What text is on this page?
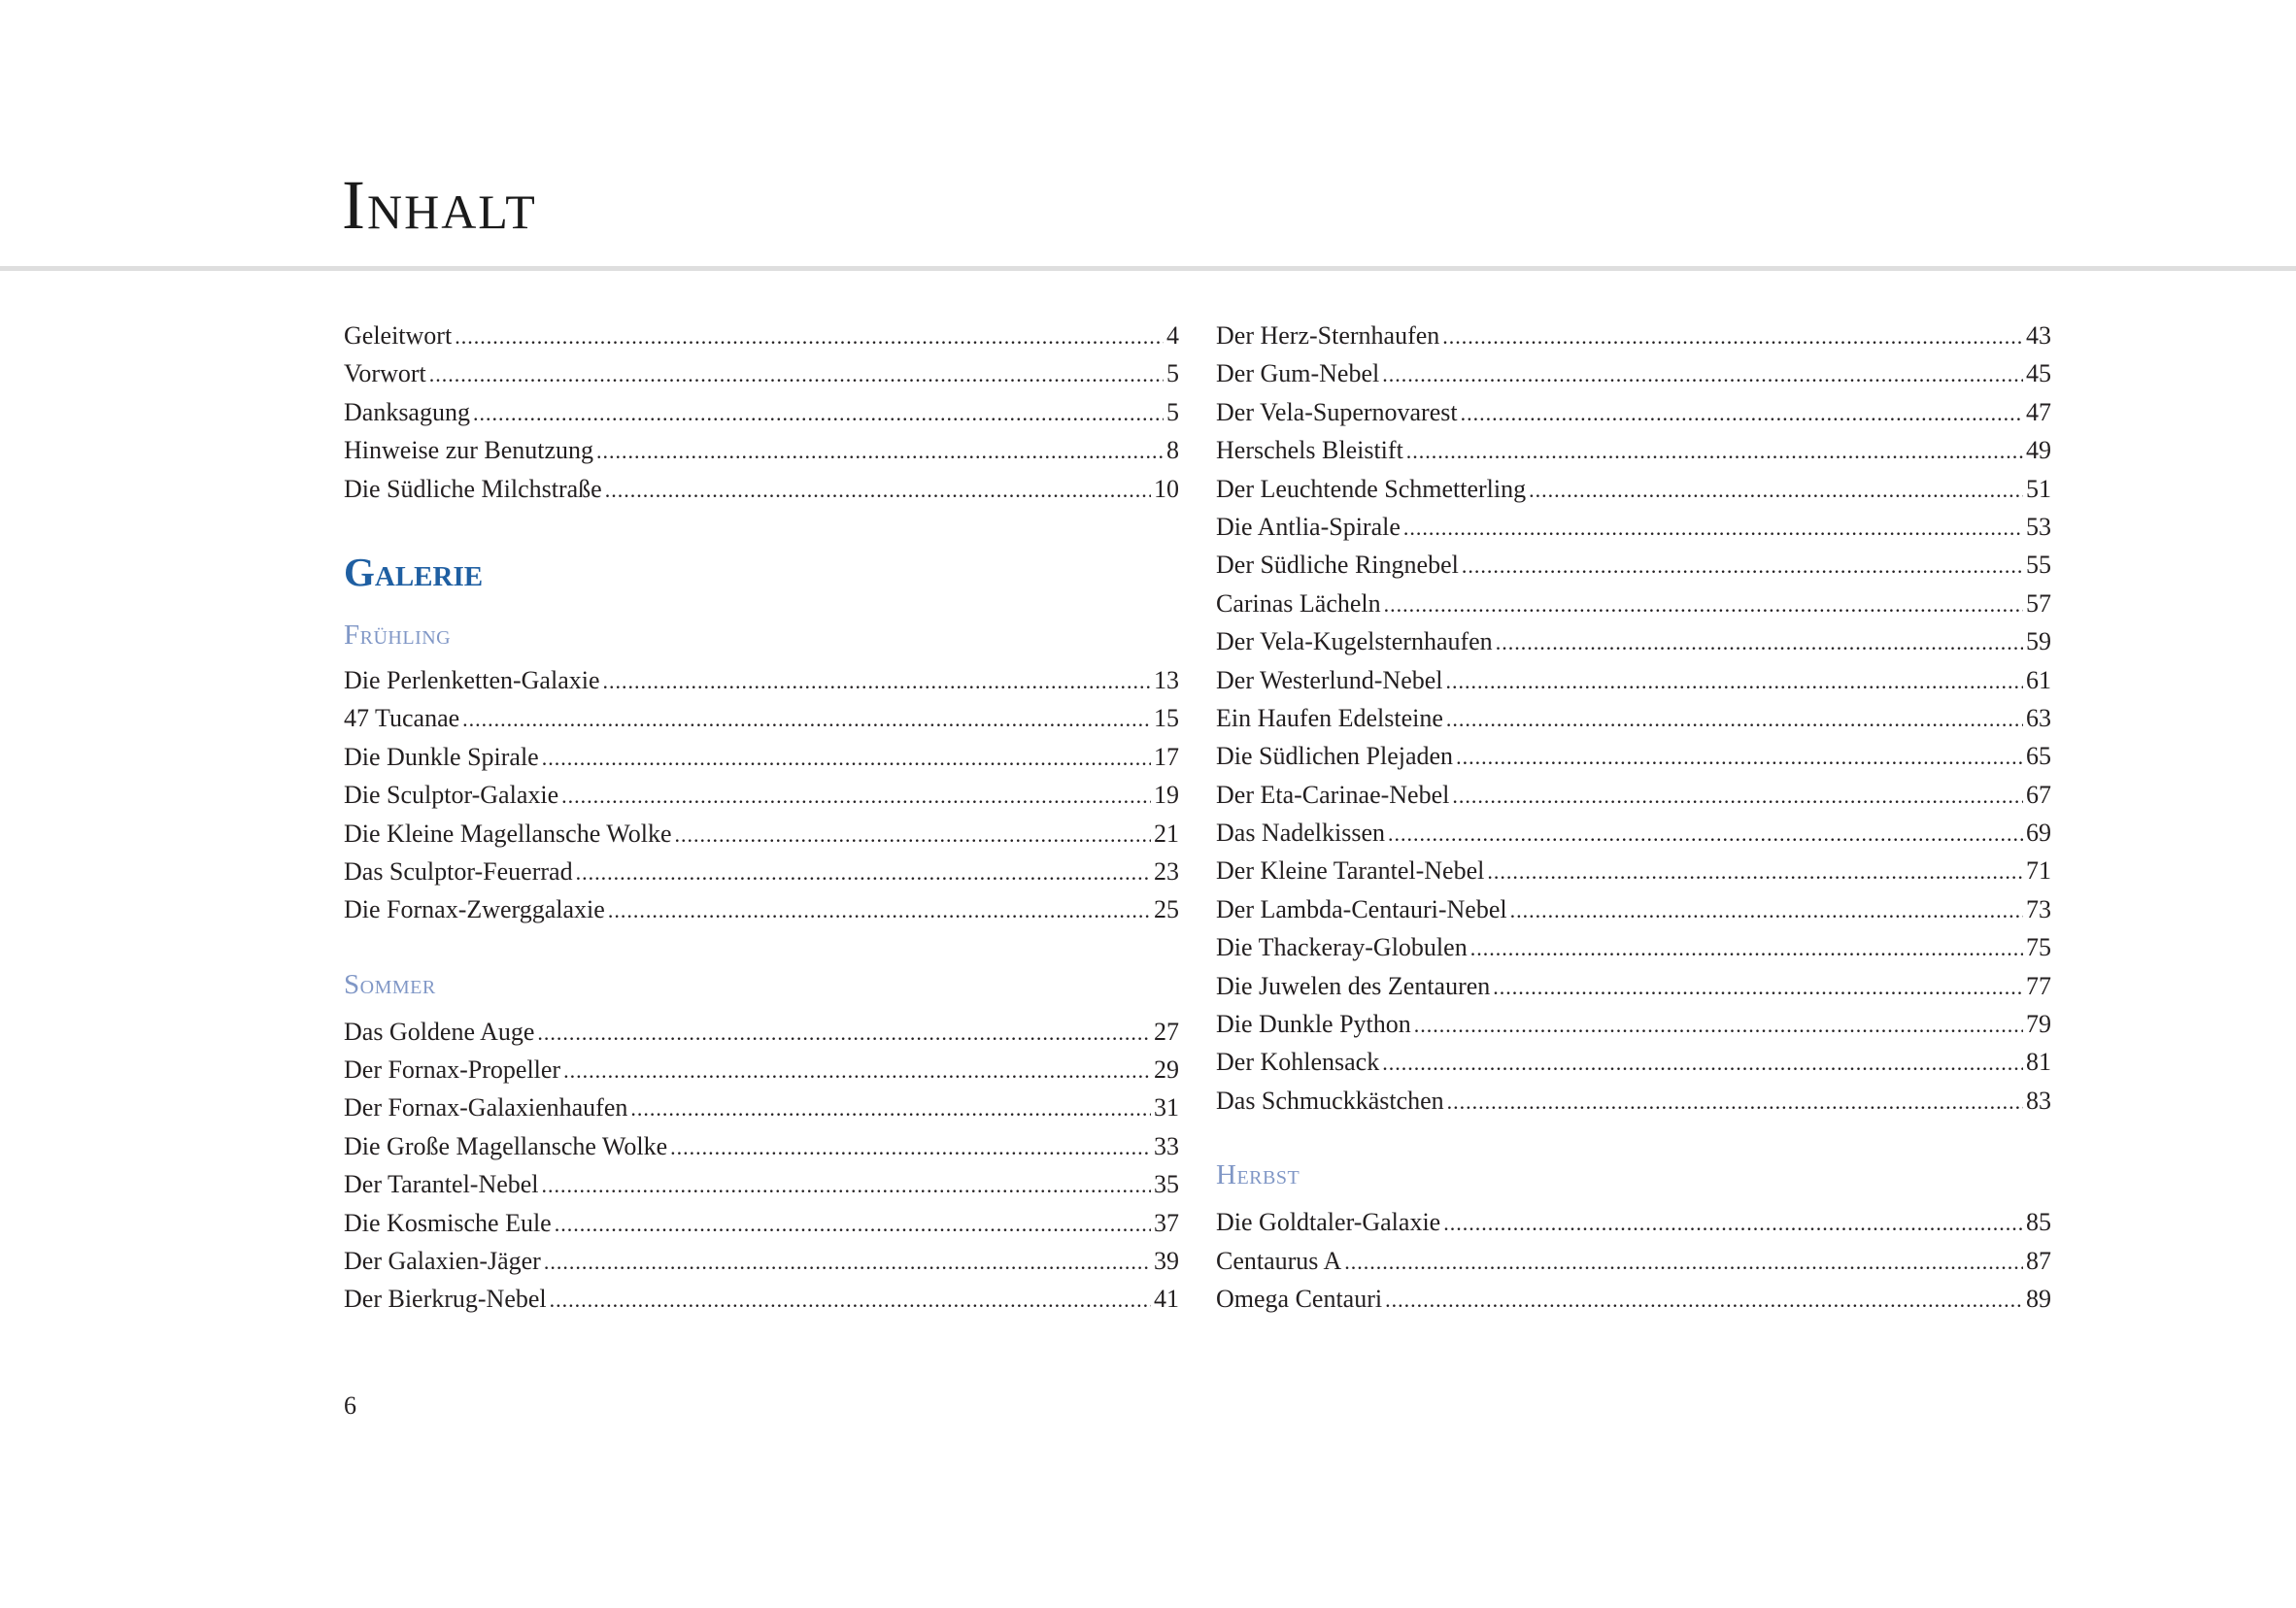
Inhalt
Geleitwort .....	4
Vorwort .....	5
Danksagung .....	5
Hinweise zur Benutzung .....	8
Die Südliche Milchstraße .....	10
Galerie
Frühling
Die Perlenketten-Galaxie .....	13
47 Tucanae .....	15
Die Dunkle Spirale .....	17
Die Sculptor-Galaxie .....	19
Die Kleine Magellansche Wolke .....	21
Das Sculptor-Feuerrad .....	23
Die Fornax-Zwerggalaxie .....	25
Sommer
Das Goldene Auge .....	27
Der Fornax-Propeller .....	29
Der Fornax-Galaxienhaufen .....	31
Die Große Magellansche Wolke .....	33
Der Tarantel-Nebel .....	35
Die Kosmische Eule .....	37
Der Galaxien-Jäger .....	39
Der Bierkrug-Nebel .....	41
Der Herz-Sternhaufen .....	43
Der Gum-Nebel .....	45
Der Vela-Supernovarest .....	47
Herschels Bleistift .....	49
Der Leuchtende Schmetterling .....	51
Die Antlia-Spirale .....	53
Der Südliche Ringnebel .....	55
Carinas Lächeln .....	57
Der Vela-Kugelsternhaufen .....	59
Der Westerlund-Nebel .....	61
Ein Haufen Edelsteine .....	63
Die Südlichen Plejaden .....	65
Der Eta-Carinae-Nebel .....	67
Das Nadelkissen .....	69
Der Kleine Tarantel-Nebel .....	71
Der Lambda-Centauri-Nebel .....	73
Die Thackeray-Globulen .....	75
Die Juwelen des Zentauren .....	77
Die Dunkle Python .....	79
Der Kohlensack .....	81
Das Schmuckkästchen .....	83
Herbst
Die Goldtaler-Galaxie .....	85
Centaurus A .....	87
Omega Centauri .....	89
6
